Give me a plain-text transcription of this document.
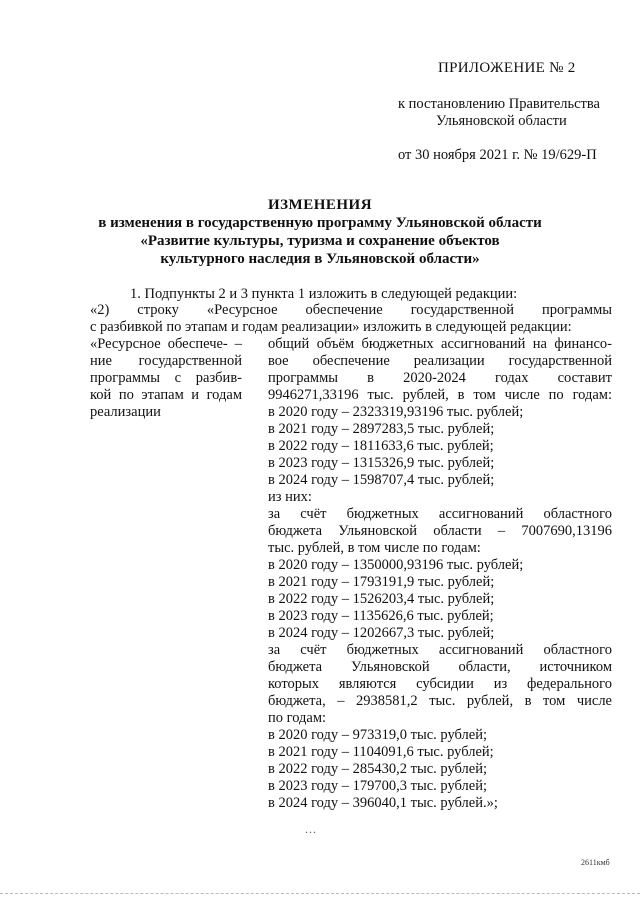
ПРИЛОЖЕНИЕ № 2
к постановлению Правительства
Ульяновской области
от 30 ноября 2021 г. № 19/629-П
ИЗМЕНЕНИЯ
в изменения в государственную программу Ульяновской области
«Развитие культуры, туризма и сохранение объектов
культурного наследия в Ульяновской области»
1. Подпункты 2 и 3 пункта 1 изложить в следующей редакции:
«2) строку «Ресурсное обеспечение государственной программы
с разбивкой по этапам и годам реализации» изложить в следующей редакции:
«Ресурсное обеспече- –
ние государственной
программы с разбив-
кой по этапам и годам
реализации
общий объём бюджетных ассигнований на финансо-
вое обеспечение реализации государственной
программы в 2020-2024 годах составит
9946271,33196 тыс. рублей, в том числе по годам:
в 2020 году – 2323319,93196 тыс. рублей;
в 2021 году – 2897283,5 тыс. рублей;
в 2022 году – 1811633,6 тыс. рублей;
в 2023 году – 1315326,9 тыс. рублей;
в 2024 году – 1598707,4 тыс. рублей;
из них:
за счёт бюджетных ассигнований областного
бюджета Ульяновской области – 7007690,13196
тыс. рублей, в том числе по годам:
в 2020 году – 1350000,93196 тыс. рублей;
в 2021 году – 1793191,9 тыс. рублей;
в 2022 году – 1526203,4 тыс. рублей;
в 2023 году – 1135626,6 тыс. рублей;
в 2024 году – 1202667,3 тыс. рублей;
за счёт бюджетных ассигнований областного
бюджета Ульяновской области, источником
которых являются субсидии из федерального
бюджета, – 2938581,2 тыс. рублей, в том числе
по годам:
в 2020 году – 973319,0 тыс. рублей;
в 2021 году – 1104091,6 тыс. рублей;
в 2022 году – 285430,2 тыс. рублей;
в 2023 году – 179700,3 тыс. рублей;
в 2024 году – 396040,1 тыс. рублей.»;
...
2611кмб
